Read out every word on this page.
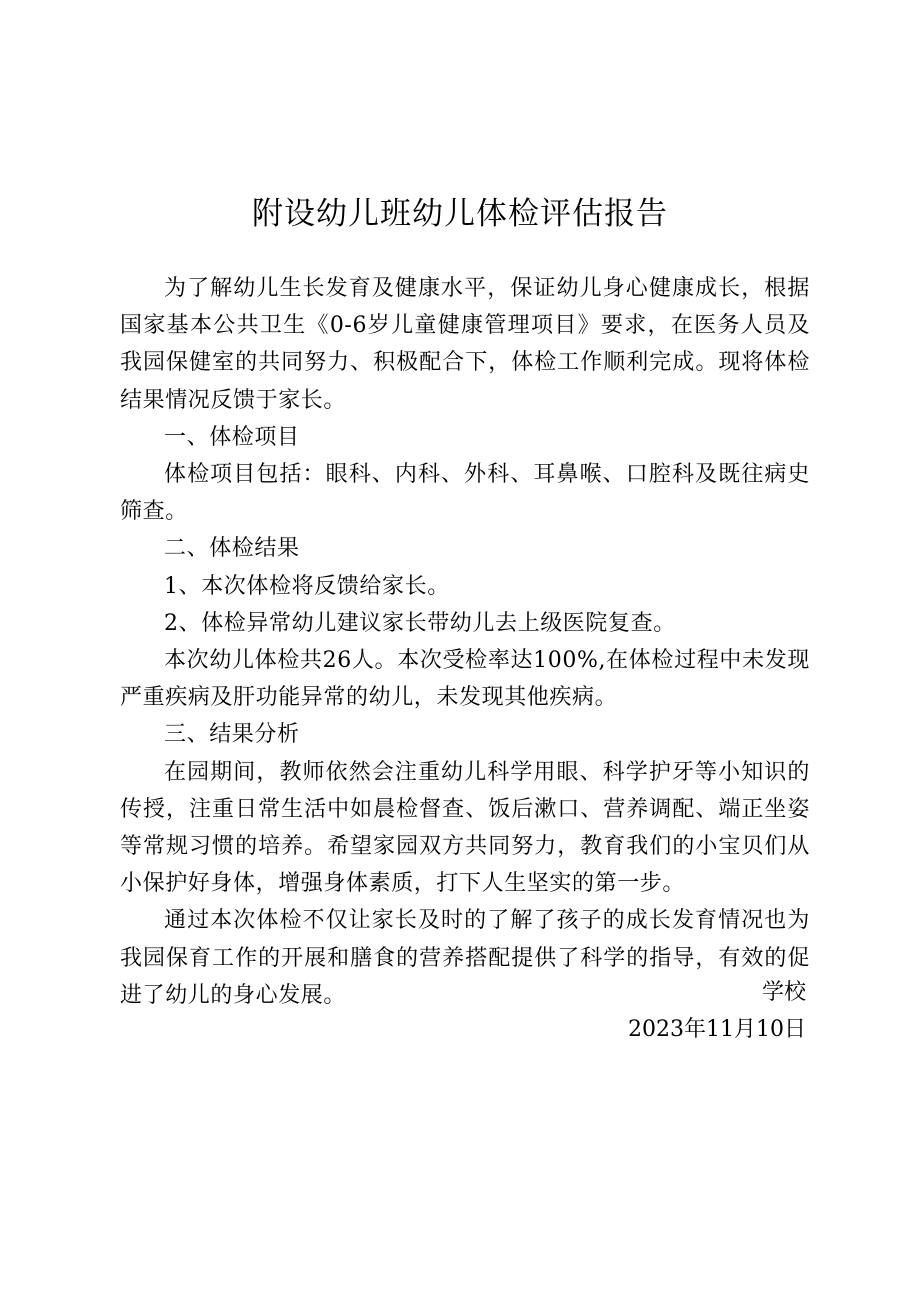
附设幼儿班幼儿体检评估报告

为了解幼儿生长发育及健康水平，保证幼儿身心健康成长，根据国家基本公共卫生《0-6岁儿童健康管理项目》要求，在医务人员及我园保健室的共同努力、积极配合下，体检工作顺利完成。现将体检结果情况反馈于家长。

一、体检项目

体检项目包括：眼科、内科、外科、耳鼻喉、口腔科及既往病史筛查。

二、体检结果

1、本次体检将反馈给家长。

2、体检异常幼儿建议家长带幼儿去上级医院复查。

本次幼儿体检共26人。本次受检率达100%,在体检过程中未发现严重疾病及肝功能异常的幼儿，未发现其他疾病。

三、结果分析

在园期间，教师依然会注重幼儿科学用眼、科学护牙等小知识的传授，注重日常生活中如晨检督查、饭后漱口、营养调配、端正坐姿等常规习惯的培养。希望家园双方共同努力，教育我们的小宝贝们从小保护好身体，增强身体素质，打下人生坚实的第一步。

通过本次体检不仅让家长及时的了解了孩子的成长发育情况也为我园保育工作的开展和膳食的营养搭配提供了科学的指导，有效的促进了幼儿的身心发展。	学校
2023年11月10日
